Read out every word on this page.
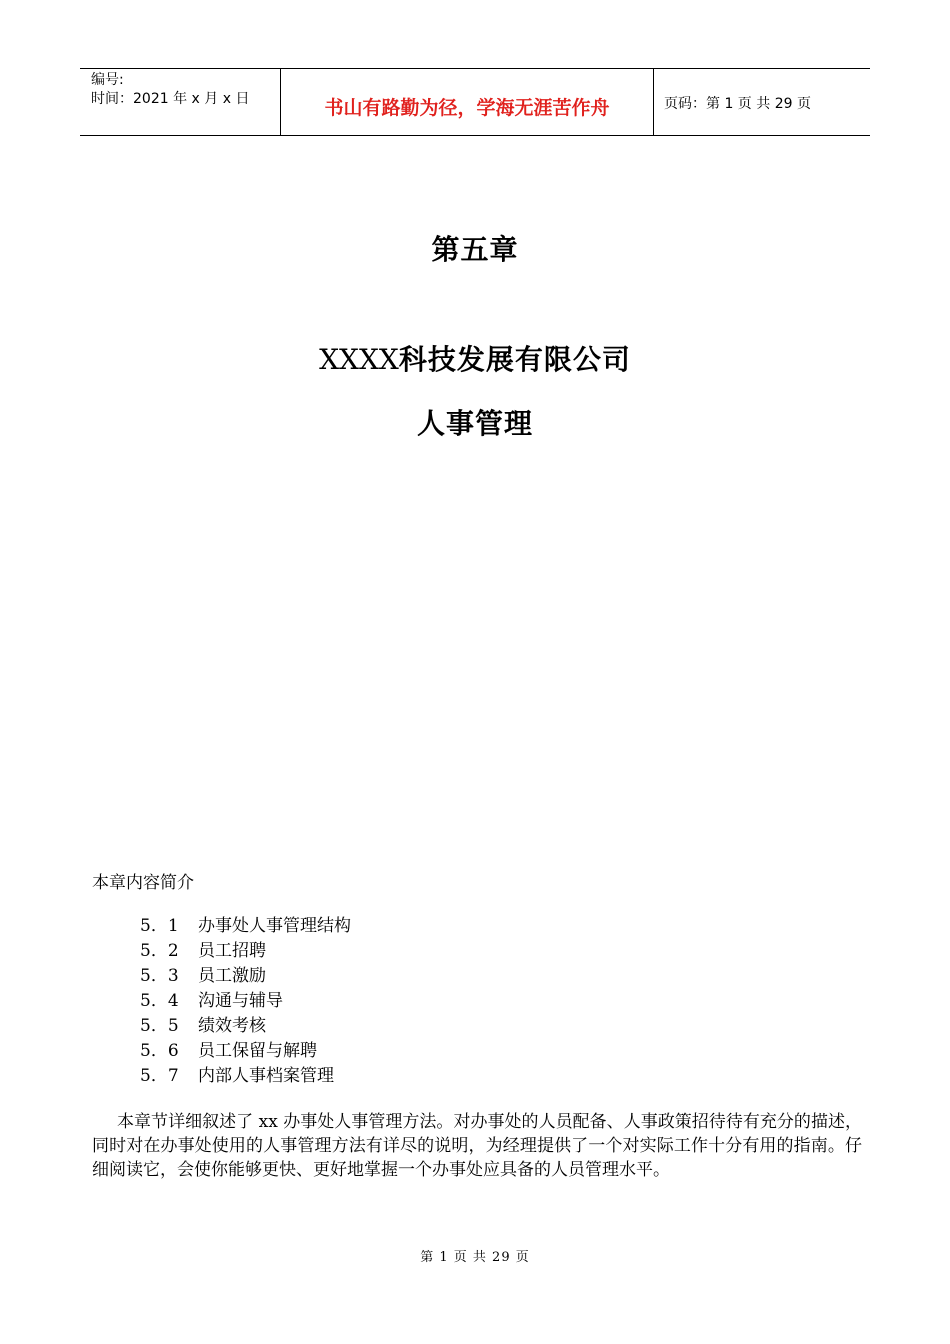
编号:
时间：2021 年 x 月 x 日	书山有路勤为径，学海无涯苦作舟	页码：第 1 页 共 29 页
第五章
XXXX科技发展有限公司
人事管理
本章内容简介
5．1 办事处人事管理结构
5．2 员工招聘
5．3 员工激励
5．4 沟通与辅导
5．5 绩效考核
5．6 员工保留与解聘
5．7 内部人事档案管理

本章节详细叙述了 xx 办事处人事管理方法。对办事处的人员配备、人事政策招待待有充分的描述，同时对在办事处使用的人事管理方法有详尽的说明，为经理提供了一个对实际工作十分有用的指南。仔细阅读它，会使你能够更快、更好地掌握一个办事处应具备的人员管理水平。

第 1 页 共 29 页
